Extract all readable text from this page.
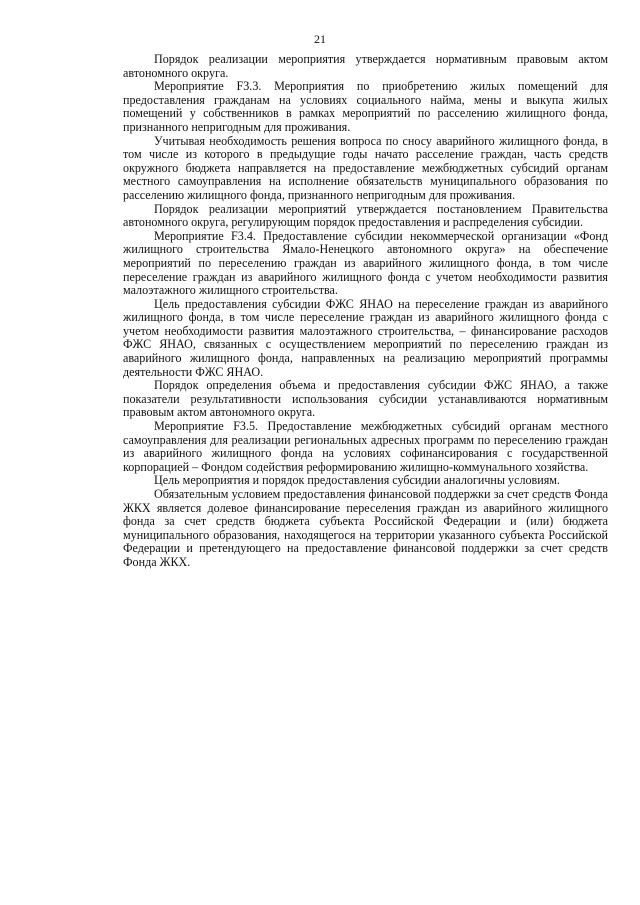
21

Порядок реализации мероприятия утверждается нормативным правовым актом автономного округа.

Мероприятие F3.3. Мероприятия по приобретению жилых помещений для предоставления гражданам на условиях социального найма, мены и выкупа жилых помещений у собственников в рамках мероприятий по расселению жилищного фонда, признанного непригодным для проживания.

Учитывая необходимость решения вопроса по сносу аварийного жилищного фонда, в том числе из которого в предыдущие годы начато расселение граждан, часть средств окружного бюджета направляется на предоставление межбюджетных субсидий органам местного самоуправления на исполнение обязательств муниципального образования по расселению жилищного фонда, признанного непригодным для проживания.

Порядок реализации мероприятий утверждается постановлением Правительства автономного округа, регулирующим порядок предоставления и распределения субсидии.

Мероприятие F3.4. Предоставление субсидии некоммерческой организации «Фонд жилищного строительства Ямало-Ненецкого автономного округа» на обеспечение мероприятий по переселению граждан из аварийного жилищного фонда, в том числе переселение граждан из аварийного жилищного фонда с учетом необходимости развития малоэтажного жилищного строительства.

Цель предоставления субсидии ФЖС ЯНАО на переселение граждан из аварийного жилищного фонда, в том числе переселение граждан из аварийного жилищного фонда с учетом необходимости развития малоэтажного строительства, – финансирование расходов ФЖС ЯНАО, связанных с осуществлением мероприятий по переселению граждан из аварийного жилищного фонда, направленных на реализацию мероприятий программы деятельности ФЖС ЯНАО.

Порядок определения объема и предоставления субсидии ФЖС ЯНАО, а также показатели результативности использования субсидии устанавливаются нормативным правовым актом автономного округа.

Мероприятие F3.5. Предоставление межбюджетных субсидий органам местного самоуправления для реализации региональных адресных программ по переселению граждан из аварийного жилищного фонда на условиях софинансирования с государственной корпорацией – Фондом содействия реформированию жилищно-коммунального хозяйства.

Цель мероприятия и порядок предоставления субсидии аналогичны условиям.

Обязательным условием предоставления финансовой поддержки за счет средств Фонда ЖКХ является долевое финансирование переселения граждан из аварийного жилищного фонда за счет средств бюджета субъекта Российской Федерации и (или) бюджета муниципального образования, находящегося на территории указанного субъекта Российской Федерации и претендующего на предоставление финансовой поддержки за счет средств Фонда ЖКХ.
